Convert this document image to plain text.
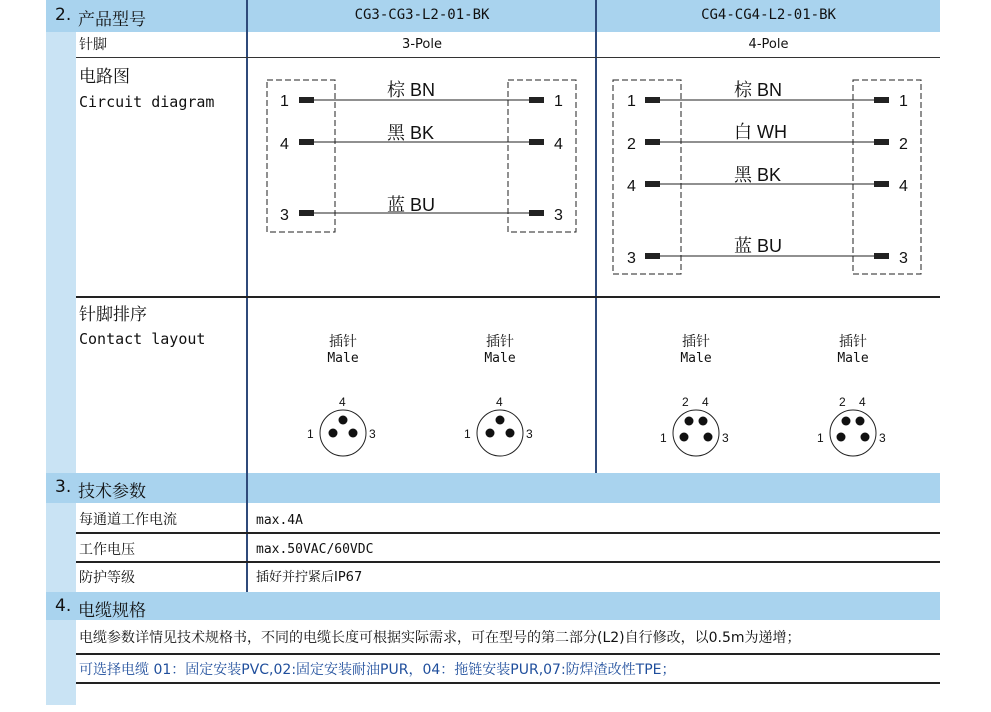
2. 产品型号	CG3-CG3-L2-01-BK	CG4-CG4-L2-01-BK
针脚	3-Pole	4-Pole
电路图
Circuit diagram	1	1
4	4
3	3
棕 BN
黑 BK
蓝 BU
1	1
2	2
4	4
3	3
棕 BN
白 WH
黑 BK
蓝 BU
针脚排序
Contact layout	插针
Male
4
1	3
插针
Male
4
1	3
插针
Male
2 4
1	3
插针
Male
2 4
1	3
3. 技术参数
每通道工作电流	max.4A
工作电压	max.50VAC/60VDC
防护等级	插好并拧紧后IP67
4. 电缆规格
电缆参数详情见技术规格书，不同的电缆长度可根据实际需求，可在型号的第二部分(L2)自行修改，以0.5m为递增；
可选择电缆 01：固定安装PVC,02:固定安装耐油PUR，04：拖链安装PUR,07:防焊渣改性TPE；
